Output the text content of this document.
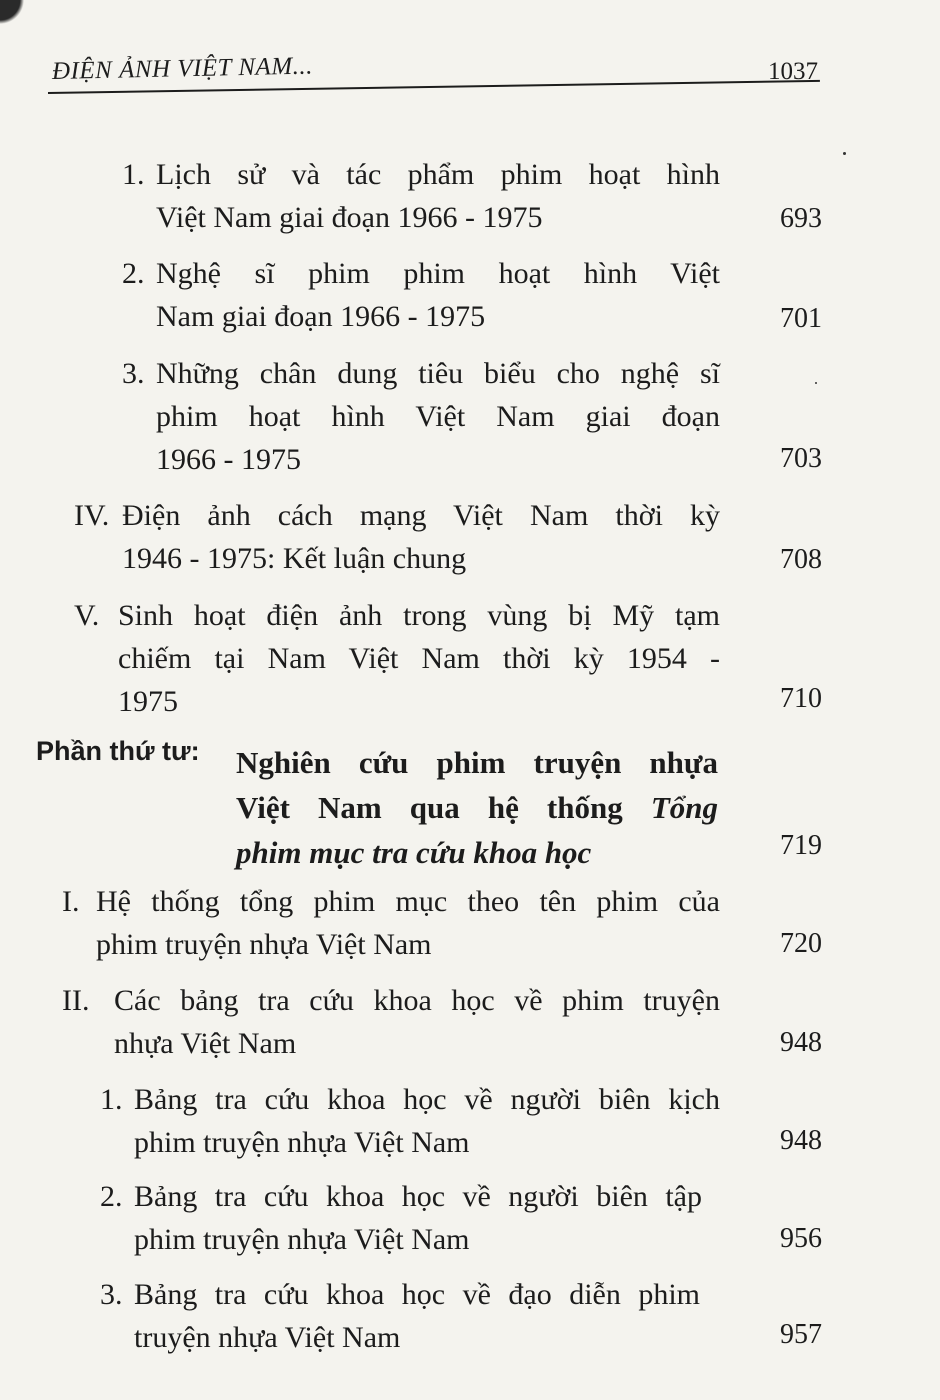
ĐIỆN ẢNH VIỆT NAM...	1037
1. Lịch sử và tác phẩm phim hoạt hình
Việt Nam giai đoạn 1966 - 1975	693
2. Nghệ sĩ phim phim hoạt hình Việt
Nam giai đoạn 1966 - 1975	701
3. Những chân dung tiêu biểu cho nghệ sĩ
phim hoạt hình Việt Nam giai đoạn
1966 - 1975	703
IV. Điện ảnh cách mạng Việt Nam thời kỳ
1946 - 1975: Kết luận chung	708
V. Sinh hoạt điện ảnh trong vùng bị Mỹ tạm
chiếm tại Nam Việt Nam thời kỳ 1954 -
1975	710
Phần thứ tư: Nghiên cứu phim truyện nhựa
Việt Nam qua hệ thống Tổng
phim mục tra cứu khoa học	719
I. Hệ thống tổng phim mục theo tên phim của
phim truyện nhựa Việt Nam	720
II. Các bảng tra cứu khoa học về phim truyện
nhựa Việt Nam	948
1. Bảng tra cứu khoa học về người biên kịch
phim truyện nhựa Việt Nam	948
2. Bảng tra cứu khoa học về người biên tập
phim truyện nhựa Việt Nam	956
3. Bảng tra cứu khoa học về đạo diễn phim
truyện nhựa Việt Nam	957
